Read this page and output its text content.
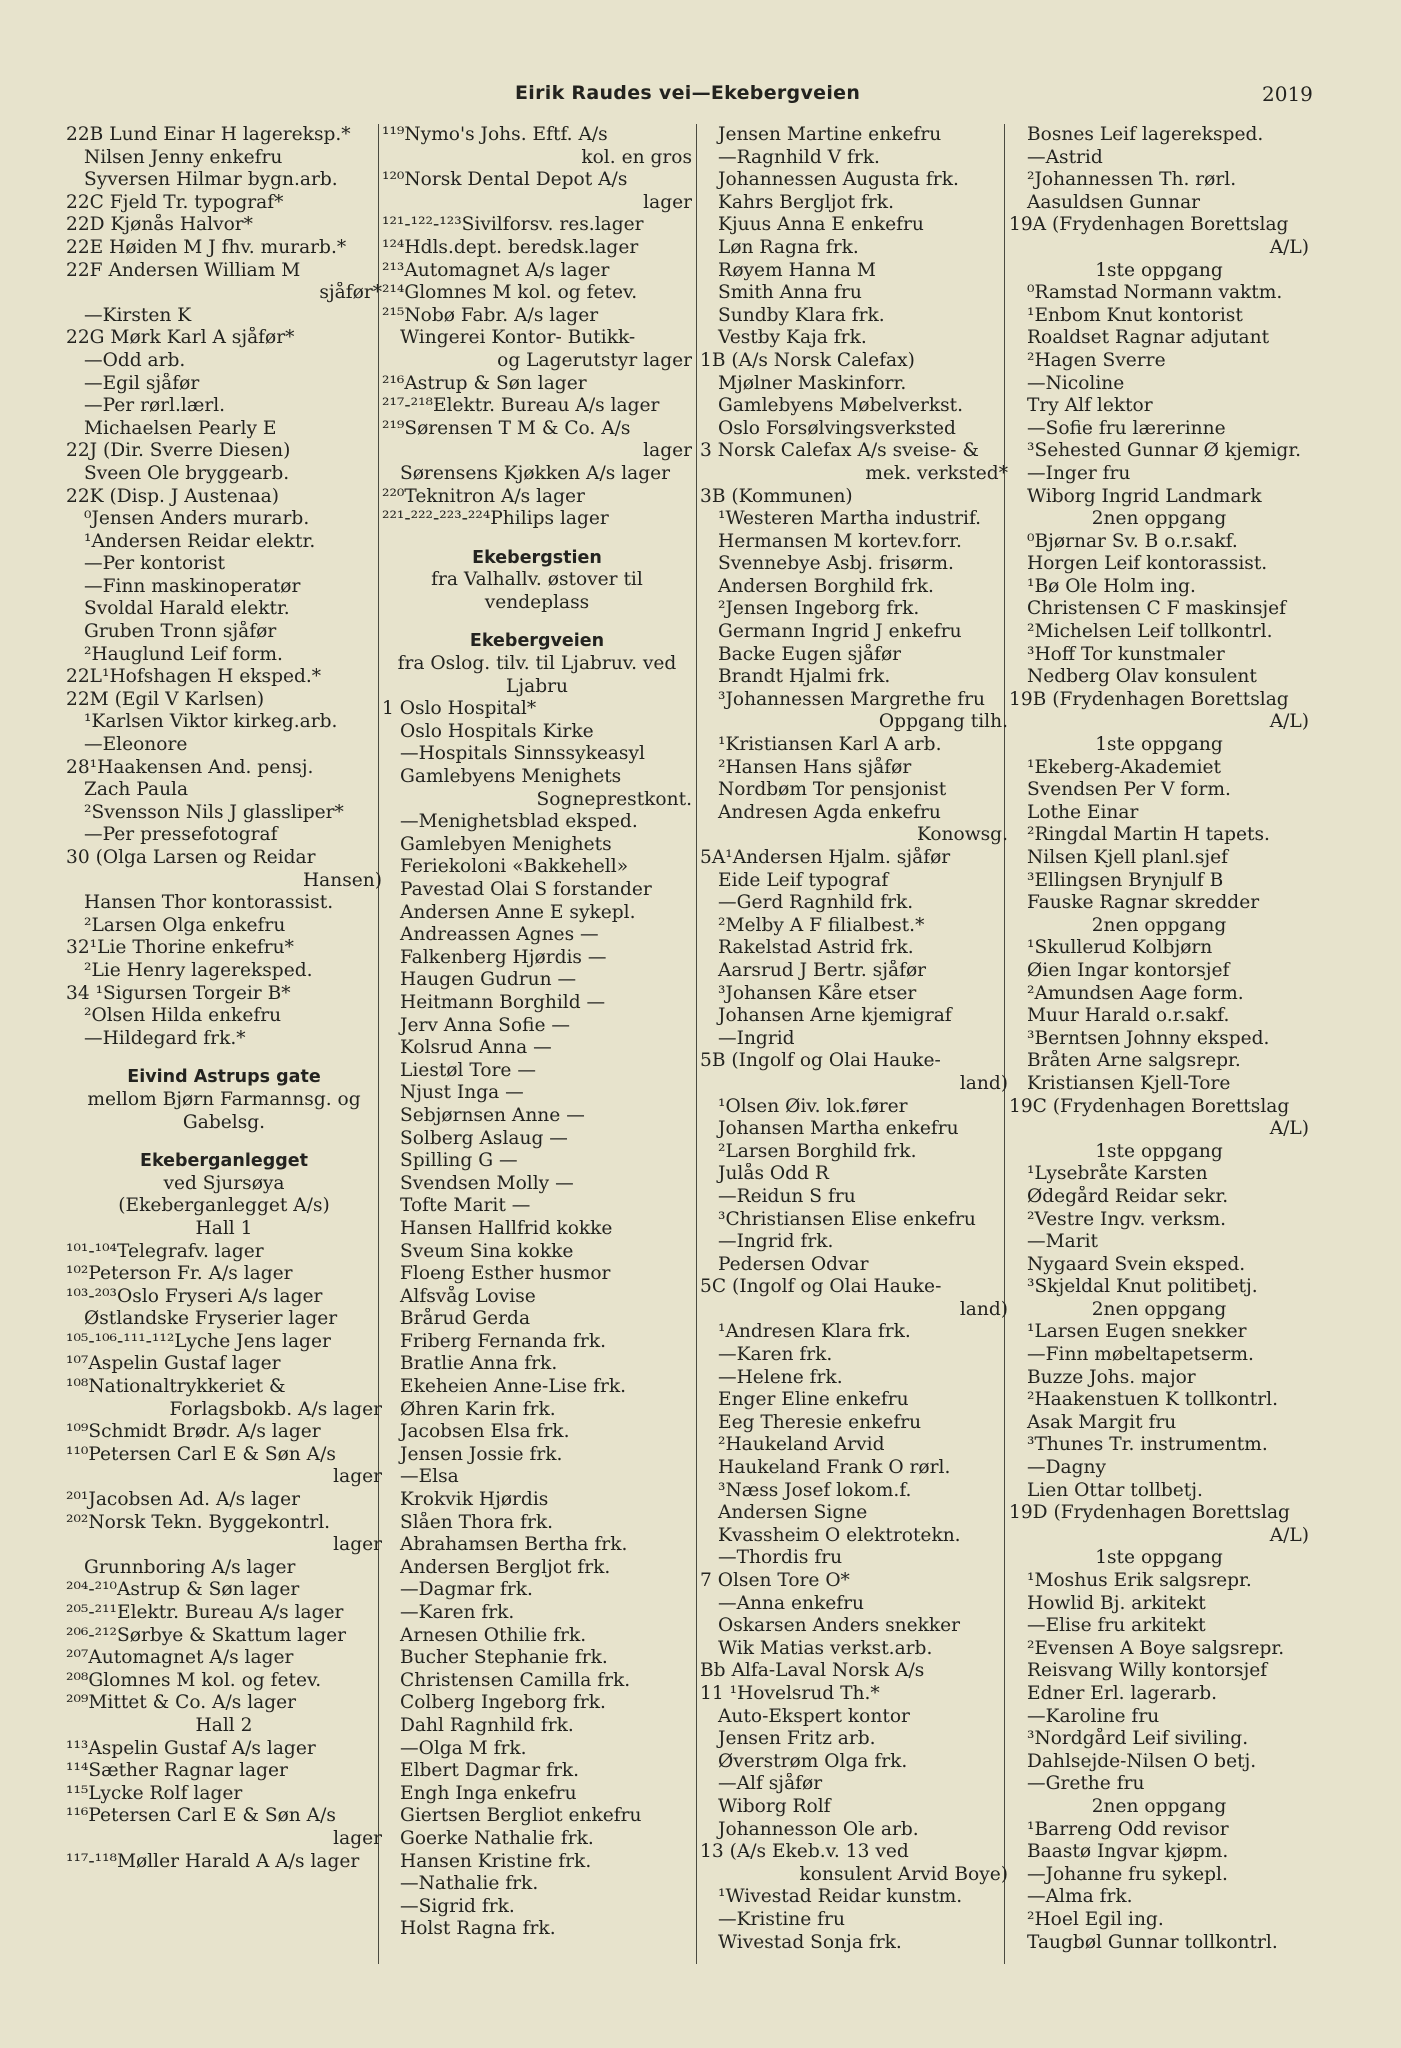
Eirik Raudes vei—Ekebergveien	2019
22B Lund Einar H lagereksp.*
Nilsen Jenny enkefru
Syversen Hilmar bygn.arb.
22C Fjeld Tr. typograf*
22D Kjønås Halvor*
22E Høiden M J fhv. murarb.*
22F Andersen William M
sjåfør*
—Kirsten K
22G Mørk Karl A sjåfør*
—Odd arb.
—Egil sjåfør
—Per rørl.lærl.
Michaelsen Pearly E
22J (Dir. Sverre Diesen)
Sveen Ole bryggearb.
22K (Disp. J Austenaa)
⁰Jensen Anders murarb.
¹Andersen Reidar elektr.
—Per kontorist
—Finn maskinoperatør
Svoldal Harald elektr.
Gruben Tronn sjåfør
²Hauglund Leif form.
22L¹Hofshagen H eksped.*
22M (Egil V Karlsen)
¹Karlsen Viktor kirkeg.arb.
—Eleonore
28¹Haakensen And. pensj.
Zach Paula
²Svensson Nils J glassliper*
—Per pressefotograf
30 (Olga Larsen og Reidar
Hansen)
Hansen Thor kontorassist.
²Larsen Olga enkefru
32¹Lie Thorine enkefru*
²Lie Henry lagereksped.
34 ¹Sigursen Torgeir B*
²Olsen Hilda enkefru
—Hildegard frk.*
Eivind Astrups gate
mellom Bjørn Farmannsg. og Gabelsg.
Ekeberganlegget
ved Sjursøya
(Ekeberganlegget A/s)
Hall 1
¹⁰¹-¹⁰⁴Telegrafv. lager
¹⁰²Peterson Fr. A/s lager
¹⁰³-²⁰³Oslo Fryseri A/s lager
Østlandske Fryserier lager
¹⁰⁵-¹⁰⁶-¹¹¹-¹¹²Lyche Jens lager
¹⁰⁷Aspelin Gustaf lager
¹⁰⁸Nationaltrykkeriet &
Forlagsbokb. A/s lager
¹⁰⁹Schmidt Brødr. A/s lager
¹¹⁰Petersen Carl E & Søn A/s
lager
²⁰¹Jacobsen Ad. A/s lager
²⁰²Norsk Tekn. Byggekontrl.
lager
Grunnboring A/s lager
²⁰⁴-²¹⁰Astrup & Søn lager
²⁰⁵-²¹¹Elektr. Bureau A/s lager
²⁰⁶-²¹²Sørbye & Skattum lager
²⁰⁷Automagnet A/s lager
²⁰⁸Glomnes M kol. og fetev.
²⁰⁹Mittet & Co. A/s lager
Hall 2
¹¹³Aspelin Gustaf A/s lager
¹¹⁴Sæther Ragnar lager
¹¹⁵Lycke Rolf lager
¹¹⁶Petersen Carl E & Søn A/s
lager
¹¹⁷-¹¹⁸Møller Harald A A/s lager
¹¹⁹Nymo's Johs. Eftf. A/s
kol. en gros
¹²⁰Norsk Dental Depot A/s
lager
¹²¹-¹²²-¹²³Sivilforsv. res.lager
¹²⁴Hdls.dept. beredsk.lager
²¹³Automagnet A/s lager
²¹⁴Glomnes M kol. og fetev.
²¹⁵Nobø Fabr. A/s lager
Wingerei Kontor- Butikk-
og Lagerutstyr lager
²¹⁶Astrup & Søn lager
²¹⁷-²¹⁸Elektr. Bureau A/s lager
²¹⁹Sørensen T M & Co. A/s
lager
Sørensens Kjøkken A/s lager
²²⁰Teknitron A/s lager
²²¹-²²²-²²³-²²⁴Philips lager
Ekebergstien
fra Valhallv. østover til vendeplass
Ekebergveien
fra Oslog. tilv. til Ljabruv. ved Ljabru
1 Oslo Hospital*
Oslo Hospitals Kirke
—Hospitals Sinnssykeasyl
Gamlebyens Menighets
Sogneprestkont.
—Menighetsblad eksped.
Gamlebyen Menighets
Feriekoloni «Bakkehell»
Pavestad Olai S forstander
Andersen Anne E sykepl.
Andreassen Agnes —
Falkenberg Hjørdis —
Haugen Gudrun —
Heitmann Borghild —
Jerv Anna Sofie —
Kolsrud Anna —
Liestøl Tore —
Njust Inga —
Sebjørnsen Anne —
Solberg Aslaug —
Spilling G —
Svendsen Molly —
Tofte Marit —
Hansen Hallfrid kokke
Sveum Sina kokke
Floeng Esther husmor
Alfsvåg Lovise
Brårud Gerda
Friberg Fernanda frk.
Bratlie Anna frk.
Ekeheien Anne-Lise frk.
Øhren Karin frk.
Jacobsen Elsa frk.
Jensen Jossie frk.
—Elsa
Krokvik Hjørdis
Slåen Thora frk.
Abrahamsen Bertha frk.
Andersen Bergljot frk.
—Dagmar frk.
—Karen frk.
Arnesen Othilie frk.
Bucher Stephanie frk.
Christensen Camilla frk.
Colberg Ingeborg frk.
Dahl Ragnhild frk.
—Olga M frk.
Elbert Dagmar frk.
Engh Inga enkefru
Giertsen Bergliot enkefru
Goerke Nathalie frk.
Hansen Kristine frk.
—Nathalie frk.
—Sigrid frk.
Holst Ragna frk.
Jensen Martine enkefru
—Ragnhild V frk.
Johannessen Augusta frk.
Kahrs Bergljot frk.
Kjuus Anna E enkefru
Løn Ragna frk.
Røyem Hanna M
Smith Anna fru
Sundby Klara frk.
Vestby Kaja frk.
1B (A/s Norsk Calefax)
Mjølner Maskinforr.
Gamlebyens Møbelverkst.
Oslo Forsølvingsverksted
3 Norsk Calefax A/s sveise- &
mek. verksted*
3B (Kommunen)
¹Westeren Martha industrif.
Hermansen M kortev.forr.
Svennebye Asbj. frisørm.
Andersen Borghild frk.
²Jensen Ingeborg frk.
Germann Ingrid J enkefru
Backe Eugen sjåfør
Brandt Hjalmi frk.
³Johannessen Margrethe fru
Oppgang tilh.
¹Kristiansen Karl A arb.
²Hansen Hans sjåfør
Nordbøm Tor pensjonist
Andresen Agda enkefru
Konowsg.
5A¹Andersen Hjalm. sjåfør
Eide Leif typograf
—Gerd Ragnhild frk.
²Melby A F filialbest.*
Rakelstad Astrid frk.
Aarsrud J Bertr. sjåfør
³Johansen Kåre etser
Johansen Arne kjemigraf
—Ingrid
5B (Ingolf og Olai Hauke-
land)
¹Olsen Øiv. lok.fører
Johansen Martha enkefru
²Larsen Borghild frk.
Julås Odd R
—Reidun S fru
³Christiansen Elise enkefru
—Ingrid frk.
Pedersen Odvar
5C (Ingolf og Olai Hauke-
land)
¹Andresen Klara frk.
—Karen frk.
—Helene frk.
Enger Eline enkefru
Eeg Theresie enkefru
²Haukeland Arvid
Haukeland Frank O rørl.
³Næss Josef lokom.f.
Andersen Signe
Kvassheim O elektrotekn.
—Thordis fru
7 Olsen Tore O*
—Anna enkefru
Oskarsen Anders snekker
Wik Matias verkst.arb.
Bb Alfa-Laval Norsk A/s
11 ¹Hovelsrud Th.*
Auto-Ekspert kontor
Jensen Fritz arb.
Øverstrøm Olga frk.
—Alf sjåfør
Wiborg Rolf
Johannesson Ole arb.
13 (A/s Ekeb.v. 13 ved
konsulent Arvid Boye)
¹Wivestad Reidar kunstm.
—Kristine fru
Wivestad Sonja frk.
Bosnes Leif lagereksped.
—Astrid
²Johannessen Th. rørl.
Aasuldsen Gunnar
19A (Frydenhagen Borettslag
A/L)
1ste oppgang
⁰Ramstad Normann vaktm.
¹Enbom Knut kontorist
Roaldset Ragnar adjutant
²Hagen Sverre
—Nicoline
Try Alf lektor
—Sofie fru lærerinne
³Sehested Gunnar Ø kjemigr.
—Inger fru
Wiborg Ingrid Landmark
2nen oppgang
⁰Bjørnar Sv. B o.r.sakf.
Horgen Leif kontorassist.
¹Bø Ole Holm ing.
Christensen C F maskinsjef
²Michelsen Leif tollkontrl.
³Hoff Tor kunstmaler
Nedberg Olav konsulent
19B (Frydenhagen Borettslag
A/L)
1ste oppgang
¹Ekeberg-Akademiet
Svendsen Per V form.
Lothe Einar
²Ringdal Martin H tapets.
Nilsen Kjell planl.sjef
³Ellingsen Brynjulf B
Fauske Ragnar skredder
2nen oppgang
¹Skullerud Kolbjørn
Øien Ingar kontorsjef
²Amundsen Aage form.
Muur Harald o.r.sakf.
³Berntsen Johnny eksped.
Bråten Arne salgsrepr.
Kristiansen Kjell-Tore
19C (Frydenhagen Borettslag
A/L)
1ste oppgang
¹Lysebråte Karsten
Ødegård Reidar sekr.
²Vestre Ingv. verksm.
—Marit
Nygaard Svein eksped.
³Skjeldal Knut politibetj.
2nen oppgang
¹Larsen Eugen snekker
—Finn møbeltapetserm.
Buzze Johs. major
²Haakenstuen K tollkontrl.
Asak Margit fru
³Thunes Tr. instrumentm.
—Dagny
Lien Ottar tollbetj.
19D (Frydenhagen Borettslag
A/L)
1ste oppgang
¹Moshus Erik salgsrepr.
Howlid Bj. arkitekt
—Elise fru arkitekt
²Evensen A Boye salgsrepr.
Reisvang Willy kontorsjef
Edner Erl. lagerarb.
—Karoline fru
³Nordgård Leif siviling.
Dahlsejde-Nilsen O betj.
—Grethe fru
2nen oppgang
¹Barreng Odd revisor
Baastø Ingvar kjøpm.
—Johanne fru sykepl.
—Alma frk.
²Hoel Egil ing.
Taugbøl Gunnar tollkontrl.
